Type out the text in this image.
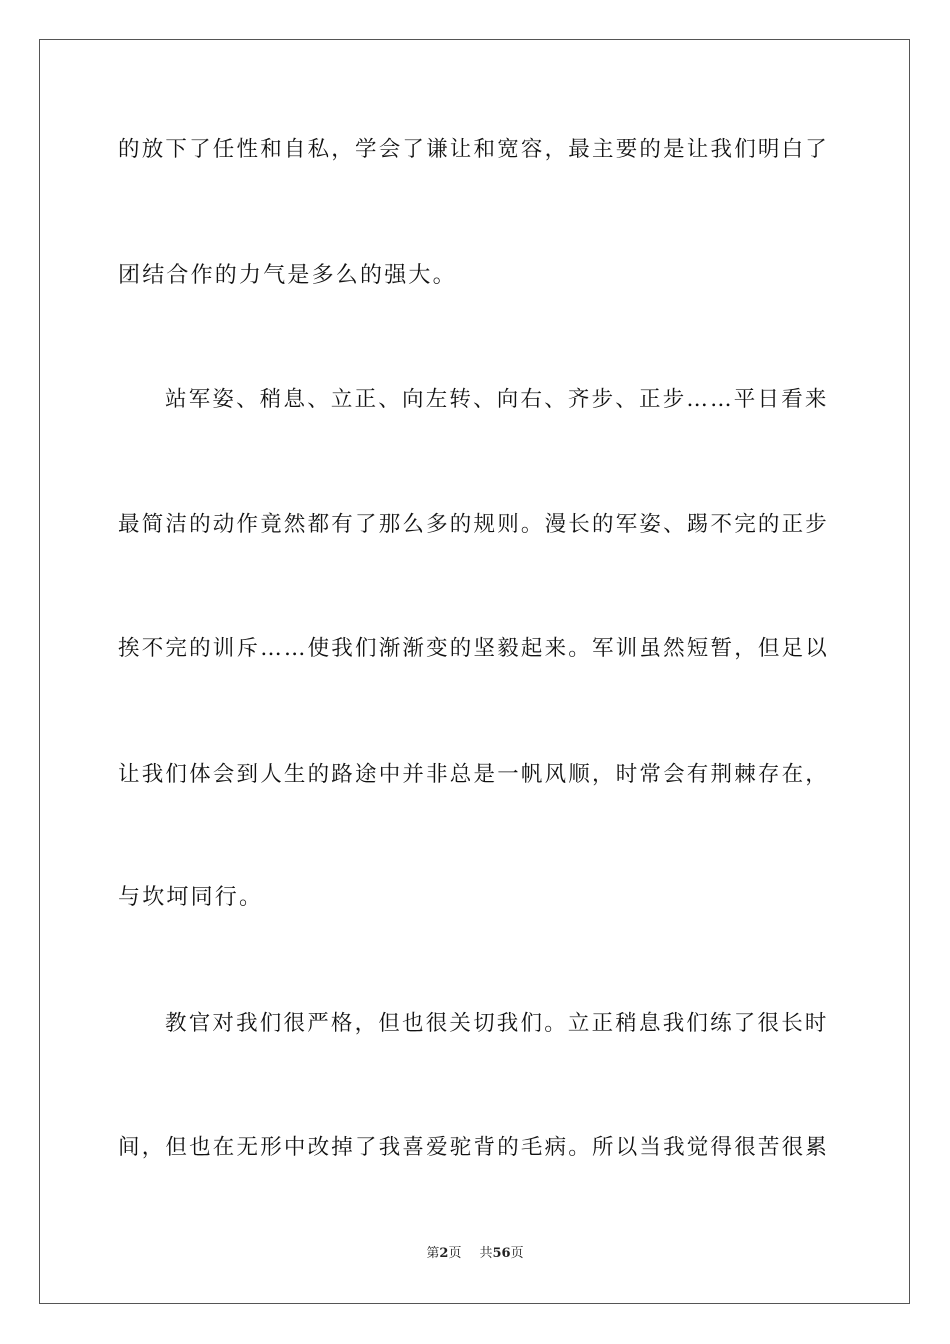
的放下了任性和自私，学会了谦让和宽容，最主要的是让我们明白了
团结合作的力气是多么的强大。
站军姿、稍息、立正、向左转、向右、齐步、正步……平日看来
最简洁的动作竟然都有了那么多的规则。漫长的军姿、踢不完的正步
挨不完的训斥……使我们渐渐变的坚毅起来。军训虽然短暂，但足以
让我们体会到人生的路途中并非总是一帆风顺，时常会有荆棘存在，
与坎坷同行。
教官对我们很严格，但也很关切我们。立正稍息我们练了很长时
间，但也在无形中改掉了我喜爱驼背的毛病。所以当我觉得很苦很累
第2页 共56页
